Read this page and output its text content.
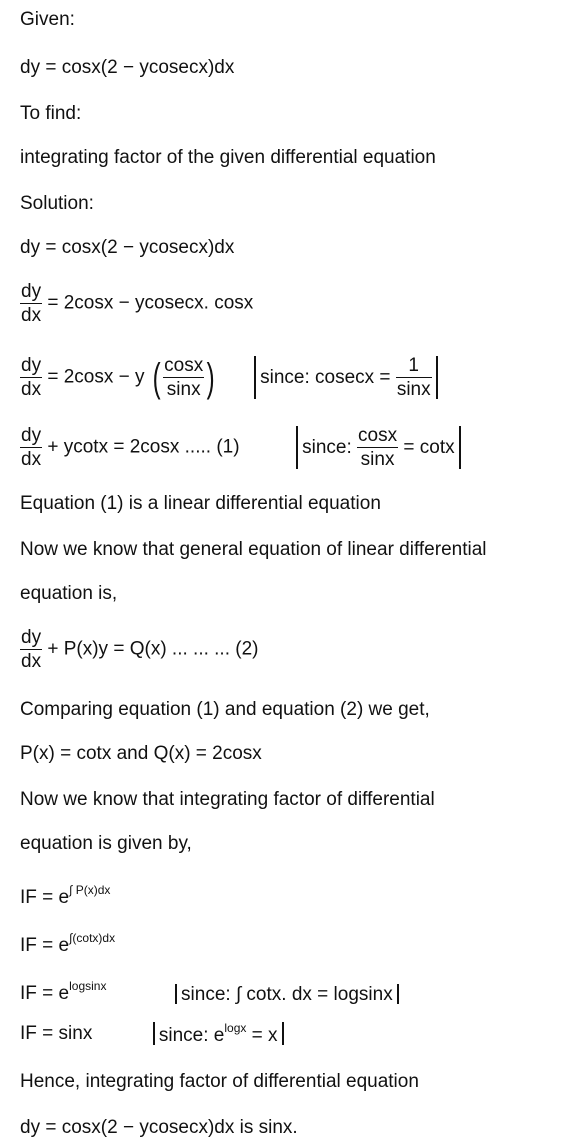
Given:
dy = cosx(2 − ycosecx)dx
To find:
integrating factor of the given differential equation
Solution:
dy = cosx(2 − ycosecx)dx
$\frac{dy}{dx} = 2\cos x - ycosecx$. cosx
$\frac{dy}{dx} = 2\cos x - y$ ( $\frac{\cos x}{\sin x}$ ) since: $cosecx = \frac{1}{\sin x}$
$\frac{dy}{dx} + ycotx = 2\cos x$ ..... (1)	since: $\frac{\cos x}{\sin x} = \cot x$
Equation (1) is a linear differential equation
Now we know that general equation of linear differential
equation is,
$\frac{dy}{dx} + P(x)y = Q(x)$ ... ... ... (2)
Comparing equation (1) and equation (2) we get,
P(x) = cotx and Q(x) = 2cosx
Now we know that integrating factor of differential
equation is given by,
IF = $e^{\int P(x)dx}$
IF = $e^{\int(cotx)dx}$
IF = $e^{logsinx}$	since: ∫ cotx. dx = logsinx
IF = sinx	since: $e^{logx} = x$
Hence, integrating factor of differential equation
dy = cosx(2 − ycosecx)dx is sinx.
